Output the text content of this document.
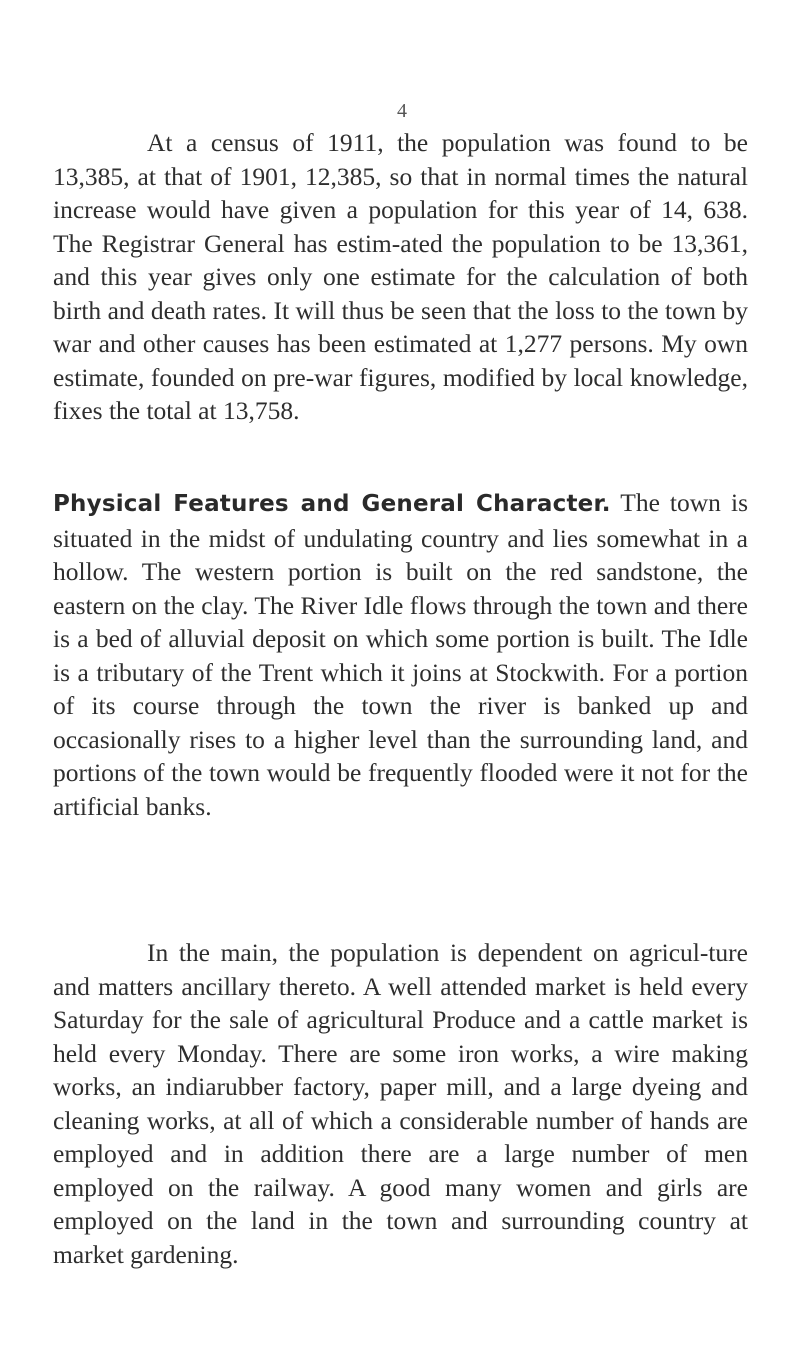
4

At a census of 1911, the population was found to be 13,385, at that of 1901, 12,385, so that in normal times the natural increase would have given a population for this year of 14, 638. The Registrar General has estim-ated the population to be 13,361, and this year gives only one estimate for the calculation of both birth and death rates. It will thus be seen that the loss to the town by war and other causes has been estimated at 1,277 persons. My own estimate, founded on pre-war figures, modified by local knowledge, fixes the total at 13,758.

Physical Features and General Character. The town is situated in the midst of undulating country and lies somewhat in a hollow. The western portion is built on the red sandstone, the eastern on the clay. The River Idle flows through the town and there is a bed of alluvial deposit on which some portion is built. The Idle is a tributary of the Trent which it joins at Stockwith. For a portion of its course through the town the river is banked up and occasionally rises to a higher level than the surrounding land, and portions of the town would be frequently flooded were it not for the artificial banks.

In the main, the population is dependent on agricul-ture and matters ancillary thereto. A well attended market is held every Saturday for the sale of agricultural Produce and a cattle market is held every Monday. There are some iron works, a wire making works, an indiarubber factory, paper mill, and a large dyeing and cleaning works, at all of which a considerable number of hands are employed and in addition there are a large number of men employed on the railway. A good many women and girls are employed on the land in the town and surrounding country at market gardening.
